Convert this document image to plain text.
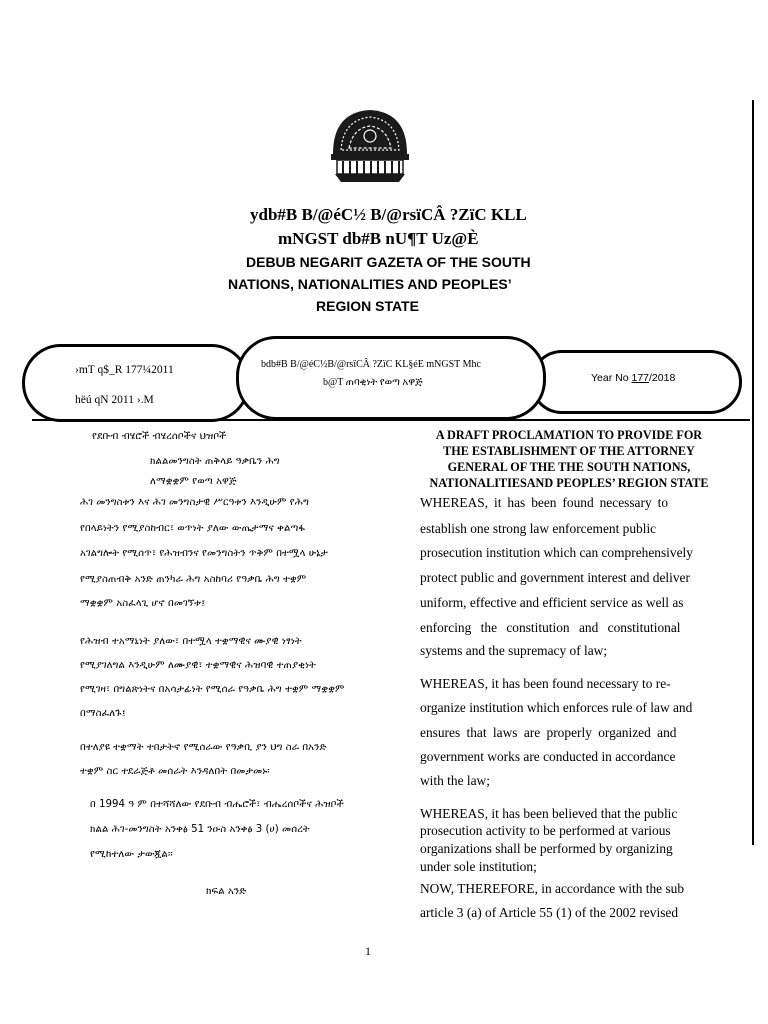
ydb#B B/@éC½ B/@rsïCÂ ?ZïC KLL
mNGST db#B nU¶T Uz@È
DEBUB NEGARIT GAZETA OF THE SOUTH
NATIONS, NATIONALITIES AND PEOPLES’
REGION STATE
›mT q$_R 177¼2011
hëú qN 2011 ›.M
Year No 177/2018
bdb#B B/@éC½B/@rsïCÂ ?ZïC KL§éE mNGST Mhc
b@T ጠባቂነት የወጣ አዋጅ
የደቡብ ብሄሮች ብሄረሰቦችና ህዝቦች
ክልልመንግስት ጠቅላይ ዓቃቤን ሕግ
ለማቋቋም የወጣ አዋጅ
ሕገ መንግስቱን እና ሕገ መንግስታዊ ሥርዓቱን እንዲሁም የሕግ
የበላይነትን የሚያስከብር፣ ወጥነት ያለው ውጤታማና ቀልጣፋ
አገልግሎት የሚሰጥ፣ የሕዝብንና የመንግስትን ጥቅም በተሟላ ሁኔታ
የሚያስጠብቅ አንድ ጠንካራ ሕግ አስከባሪ የዓቃቤ ሕግ ተቋም
ማቋቋም አስፈላጊ ሆኖ በመገኘቱ፤
የሕዝብ ተአማኒነት ያለው፣ በተሟላ ተቋማዊና ሙያዊ ነፃነት
የሚያገለግል እንዲሁም ለሙያዊ፣ ተቋማዊና ሕዝባዊ ተጠያቂነት
የሚገዛ፣ በግልጽነትና በአሳታፊነት የሚሰራ የዓቃቤ ሕግ ተቋም ማቋቋም
በማስፈለጉ፤
በተለያዩ ተቋማት ተበታትኖ የሚሰራው የዓቃቢ ያን ህግ ስራ በአንድ
ተቋም ስር ተደራጅቶ መሰራት እንዳለበት በመታመኑ፡
በ 1994 ዓ ም በተሻሻለው የደቡብ ብሔሮች፣ ብሔረሰቦችና ሕዝቦች
ክልል ሕገ-መንግስት አንቀፅ 51 ንዑስ አንቀፅ 3 (ሀ) መሰረት
የሚከተለው ታውጇል፡፡
ክፍል አንድ
A DRAFT PROCLAMATION TO PROVIDE FOR
THE ESTABLISHMENT OF THE ATTORNEY
GENERAL OF THE THE SOUTH NATIONS,
NATIONALITIESAND PEOPLES’ REGION STATE
WHEREAS, it has been found necessary to
establish one strong law enforcement public
prosecution institution which can comprehensively
protect public and government interest and deliver
uniform, effective and efficient service as well as
enforcing the constitution and constitutional
systems and the supremacy of law;
WHEREAS, it has been found necessary to re-
organize institution which enforces rule of law and
ensures that laws are properly organized and
government works are conducted in accordance
with the law;
WHEREAS, it has been believed that the public
prosecution activity to be performed at various
organizations shall be performed by organizing
under sole institution;
NOW, THEREFORE, in accordance with the sub
article 3 (a) of Article 55 (1) of the 2002 revised
1
